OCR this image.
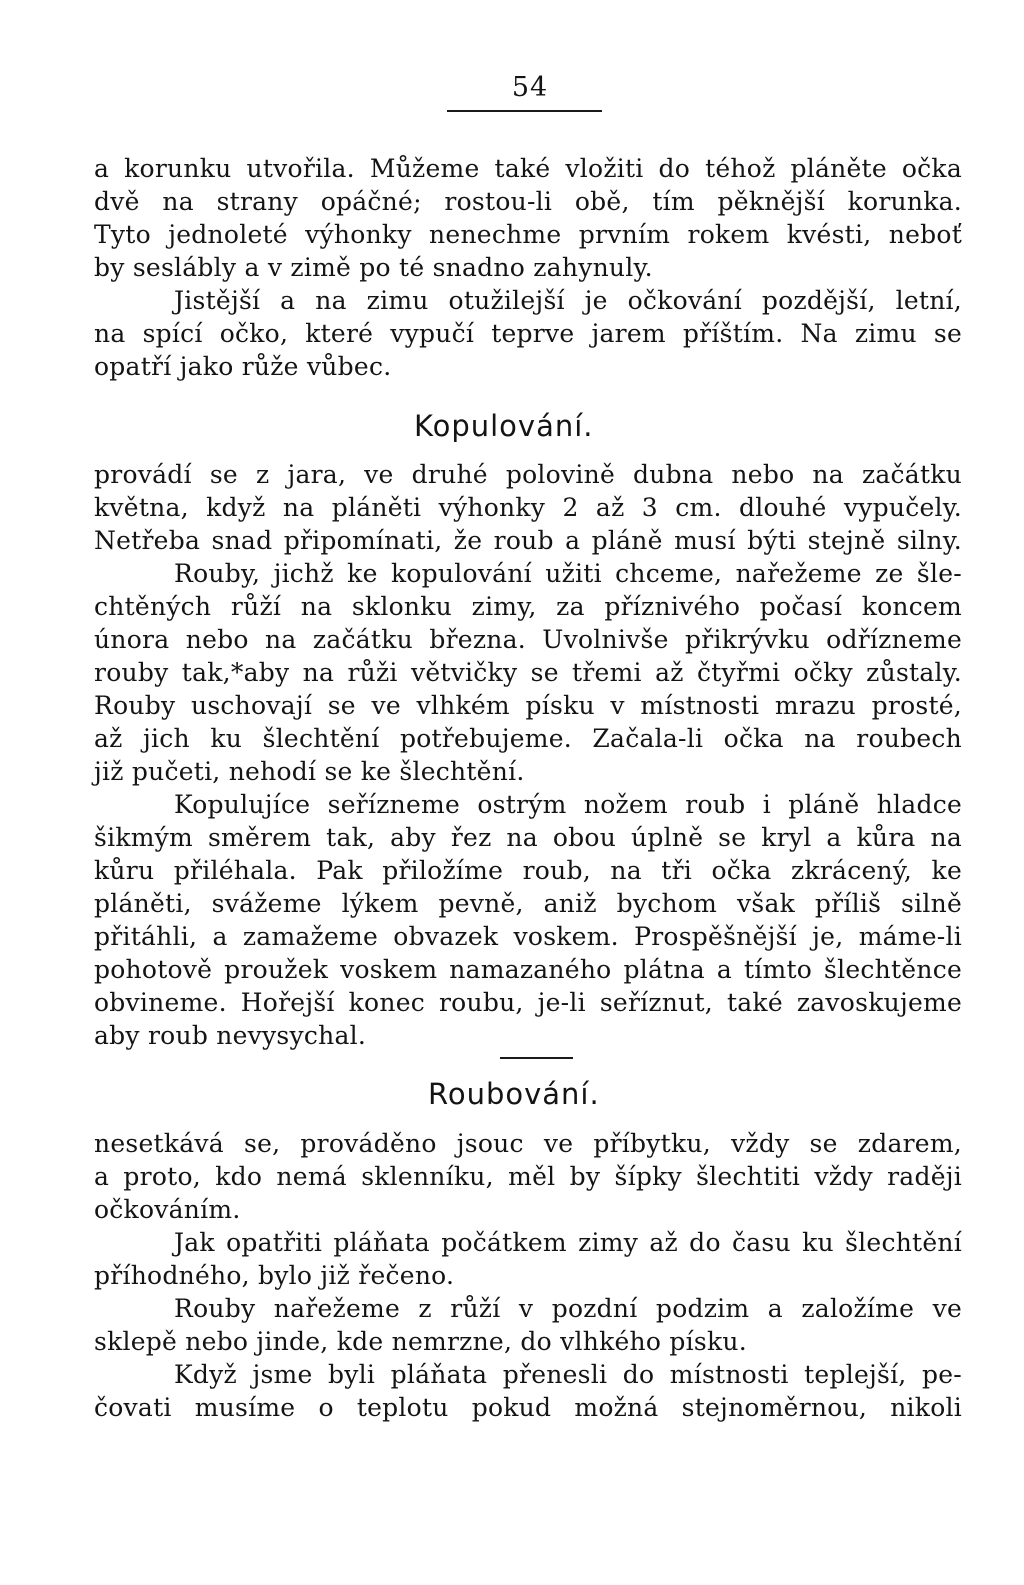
54
a korunku utvořila. Můžeme také vložiti do téhož pláněte očka
dvě na strany opáčné; rostou-li obě, tím pěknější korunka.
Tyto jednoleté výhonky nenechme prvním rokem kvésti, neboť
by seslábly a v zimě po té snadno zahynuly.
Jistější a na zimu otužilejší je očkování pozdější, letní,
na spící očko, které vypučí teprve jarem příštím. Na zimu se
opatří jako růže vůbec.
Kopulování.
provádí se z jara, ve druhé polovině dubna nebo na začátku
května, když na pláněti výhonky 2 až 3 cm. dlouhé vypučely.
Netřeba snad připomínati, že roub a pláně musí býti stejně silny.
Rouby, jichž ke kopulování užiti chceme, nařežeme ze šle-
chtěných růží na sklonku zimy, za příznivého počasí koncem
února nebo na začátku března. Uvolnivše přikrývku odřízneme
rouby tak,*aby na růži větvičky se třemi až čtyřmi očky zůstaly.
Rouby uschovají se ve vlhkém písku v místnosti mrazu prosté,
až jich ku šlechtění potřebujeme. Začala-li očka na roubech
již pučeti, nehodí se ke šlechtění.
Kopulujíce seřízneme ostrým nožem roub i pláně hladce
šikmým směrem tak, aby řez na obou úplně se kryl a kůra na
kůru přiléhala. Pak přiložíme roub, na tři očka zkrácený, ke
pláněti, svážeme lýkem pevně, aniž bychom však příliš silně
přitáhli, a zamažeme obvazek voskem. Prospěšnější je, máme-li
pohotově proužek voskem namazaného plátna a tímto šlechtěnce
obvineme. Hořejší konec roubu, je-li seříznut, také zavoskujeme
aby roub nevysychal.
Roubování.
nesetkává se, prováděno jsouc ve příbytku, vždy se zdarem,
a proto, kdo nemá sklenníku, měl by šípky šlechtiti vždy raději
očkováním.
Jak opatřiti pláňata počátkem zimy až do času ku šlechtění
příhodného, bylo již řečeno.
Rouby nařežeme z růží v pozdní podzim a založíme ve
sklepě nebo jinde, kde nemrzne, do vlhkého písku.
Když jsme byli pláňata přenesli do místnosti teplejší, pe-
čovati musíme o teplotu pokud možná stejnoměrnou, nikoli
